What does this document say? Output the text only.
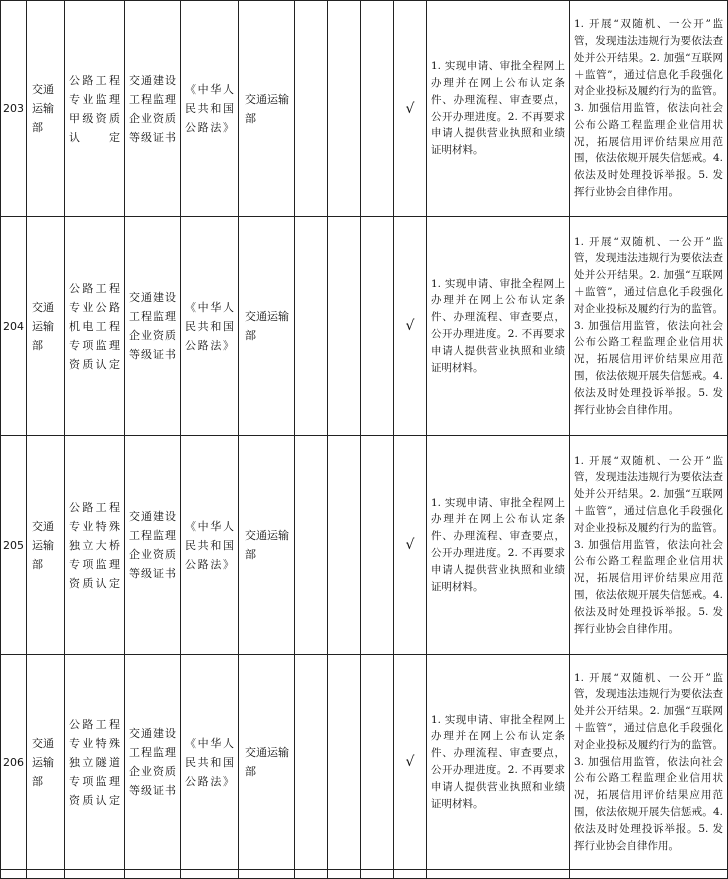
203	交通运输部	公路工程专业监理甲级资质认定	交通建设工程监理企业资质等级证书	《中华人民共和国公路法》	交通运输部				√	1. 实现申请、审批全程网上办理并在网上公布认定条件、办理流程、审查要点，公开办理进度。2. 不再要求申请人提供营业执照和业绩证明材料。	1. 开展“双随机、一公开”监管，发现违法违规行为要依法查处并公开结果。2. 加强“互联网＋监管”，通过信息化手段强化对企业投标及履约行为的监管。3. 加强信用监管，依法向社会公布公路工程监理企业信用状况，拓展信用评价结果应用范围，依法依规开展失信惩戒。4. 依法及时处理投诉举报。5. 发挥行业协会自律作用。
204	交通运输部	公路工程专业公路机电工程专项监理资质认定	交通建设工程监理企业资质等级证书	《中华人民共和国公路法》	交通运输部				√	1. 实现申请、审批全程网上办理并在网上公布认定条件、办理流程、审查要点，公开办理进度。2. 不再要求申请人提供营业执照和业绩证明材料。	1. 开展“双随机、一公开”监管，发现违法违规行为要依法查处并公开结果。2. 加强“互联网＋监管”，通过信息化手段强化对企业投标及履约行为的监管。3. 加强信用监管，依法向社会公布公路工程监理企业信用状况，拓展信用评价结果应用范围，依法依规开展失信惩戒。4. 依法及时处理投诉举报。5. 发挥行业协会自律作用。
205	交通运输部	公路工程专业特殊独立大桥专项监理资质认定	交通建设工程监理企业资质等级证书	《中华人民共和国公路法》	交通运输部				√	1. 实现申请、审批全程网上办理并在网上公布认定条件、办理流程、审查要点，公开办理进度。2. 不再要求申请人提供营业执照和业绩证明材料。	1. 开展“双随机、一公开”监管，发现违法违规行为要依法查处并公开结果。2. 加强“互联网＋监管”，通过信息化手段强化对企业投标及履约行为的监管。3. 加强信用监管，依法向社会公布公路工程监理企业信用状况，拓展信用评价结果应用范围，依法依规开展失信惩戒。4. 依法及时处理投诉举报。5. 发挥行业协会自律作用。
206	交通运输部	公路工程专业特殊独立隧道专项监理资质认定	交通建设工程监理企业资质等级证书	《中华人民共和国公路法》	交通运输部				√	1. 实现申请、审批全程网上办理并在网上公布认定条件、办理流程、审查要点，公开办理进度。2. 不再要求申请人提供营业执照和业绩证明材料。	1. 开展“双随机、一公开”监管，发现违法违规行为要依法查处并公开结果。2. 加强“互联网＋监管”，通过信息化手段强化对企业投标及履约行为的监管。3. 加强信用监管，依法向社会公布公路工程监理企业信用状况，拓展信用评价结果应用范围，依法依规开展失信惩戒。4. 依法及时处理投诉举报。5. 发挥行业协会自律作用。
